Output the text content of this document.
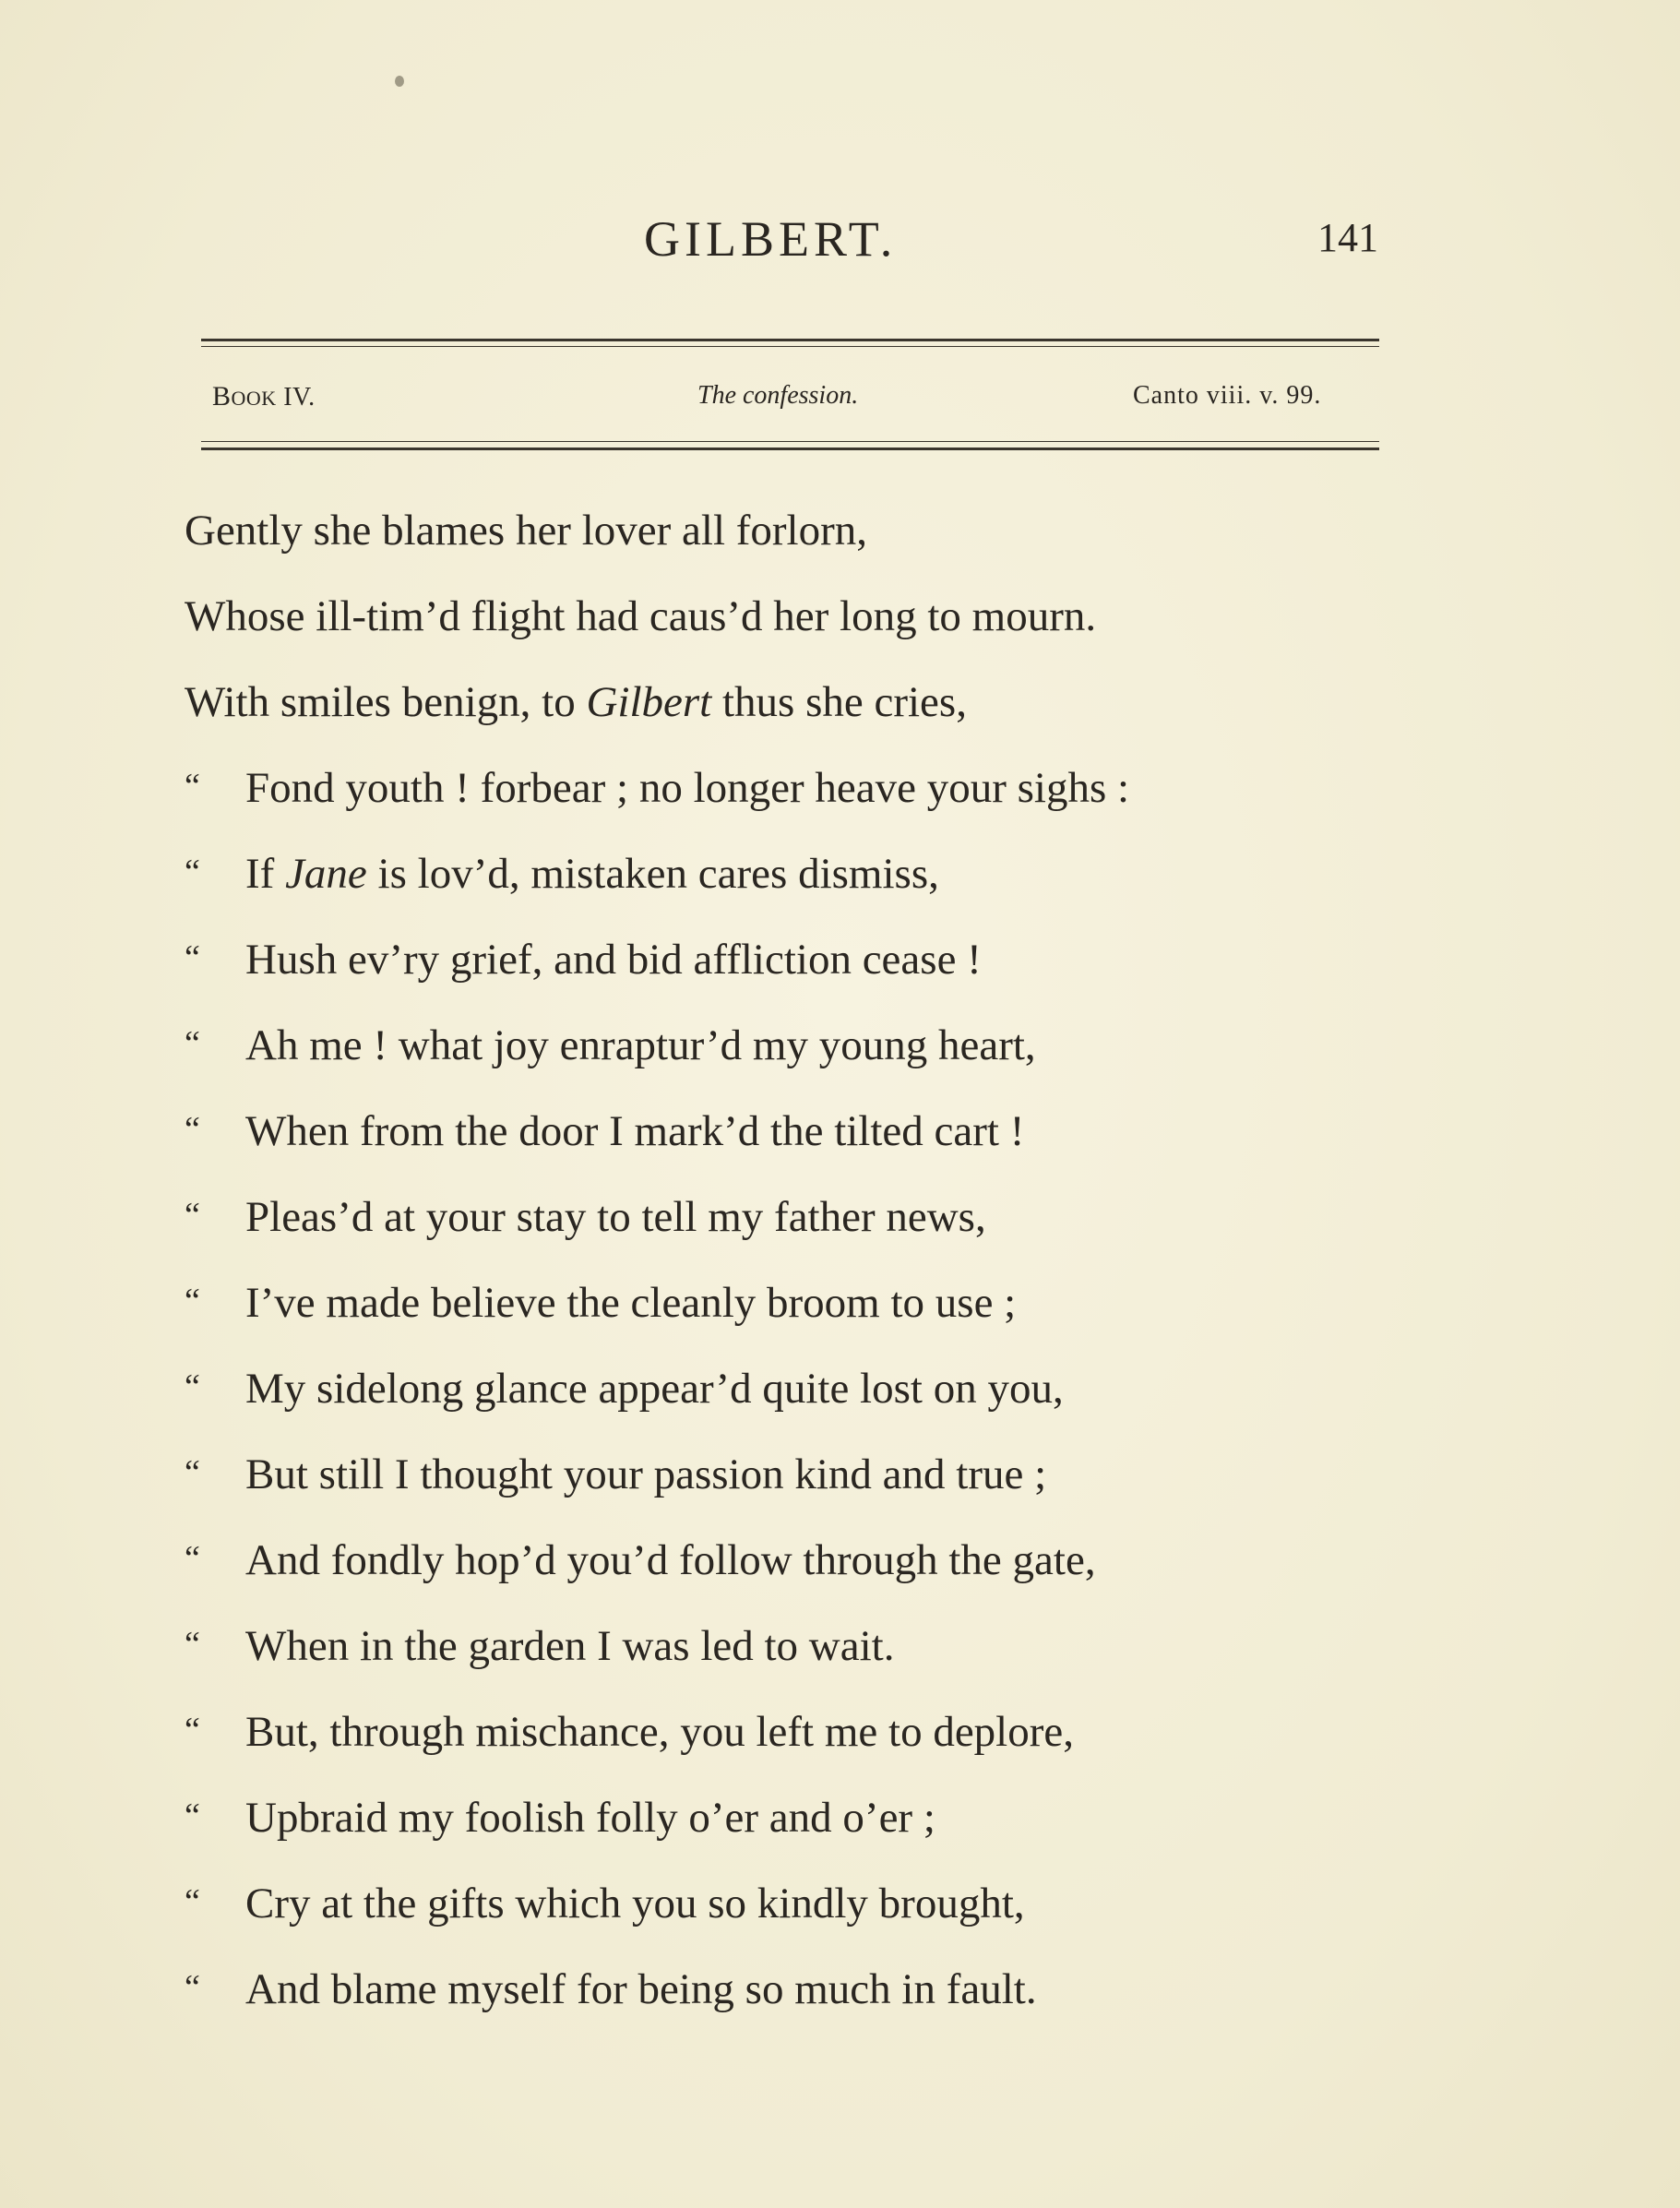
GILBERT.	141
BOOK IV.	The confession.	Canto viii. v. 99.
Gently she blames her lover all forlorn,
Whose ill-tim’d flight had caus’d her long to mourn.
With smiles benign, to Gilbert thus she cries,
“ Fond youth ! forbear ; no longer heave your sighs :
“ If Jane is lov’d, mistaken cares dismiss,
“ Hush ev’ry grief, and bid affliction cease !
“ Ah me ! what joy enraptur’d my young heart,
“ When from the door I mark’d the tilted cart !
“ Pleas’d at your stay to tell my father news,
“ I’ve made believe the cleanly broom to use ;
“ My sidelong glance appear’d quite lost on you,
“ But still I thought your passion kind and true ;
“ And fondly hop’d you’d follow through the gate,
“ When in the garden I was led to wait.
“ But, through mischance, you left me to deplore,
“ Upbraid my foolish folly o’er and o’er ;
“ Cry at the gifts which you so kindly brought,
“ And blame myself for being so much in fault.
